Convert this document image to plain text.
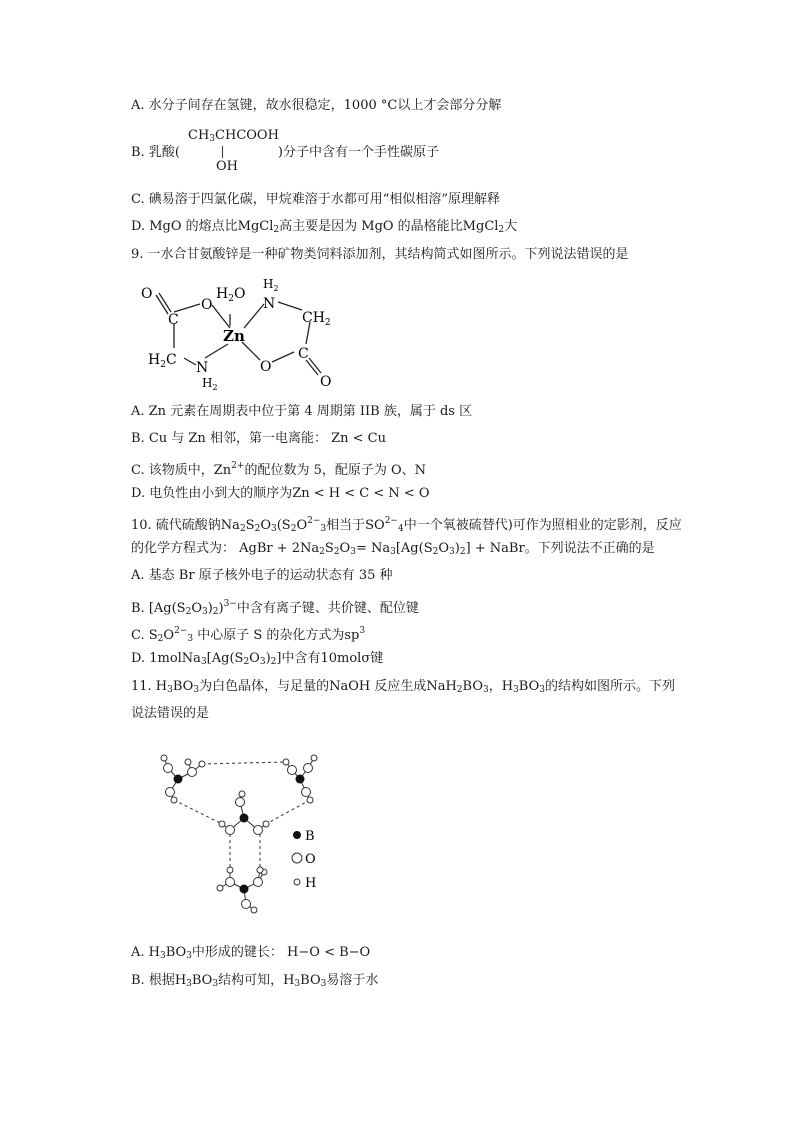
A. 水分子间存在氢键，故水很稳定，1000 °C以上才会部分分解
B. 乳酸(	)分子中含有一个手性碳原子
$CH_3CHCOOH$
OH
C. 碘易溶于四氯化碳，甲烷难溶于水都可用“相似相溶”原理解释
D. MgO 的熔点比MgCl$_2$高主要是因为 MgO 的晶格能比MgCl$_2$大
9. 一水合甘氨酸锌是一种矿物类饲料添加剂，其结构简式如图所示。下列说法错误的是
O
O
C
$H_2C$ N
$H_2$
$H_2O$
Zn
$H_2$
N
$CH_2$
O
C
O
A. Zn 元素在周期表中位于第 4 周期第 IIB 族，属于 ds 区
B. Cu 与 Zn 相邻，第一电离能： Zn < Cu
C. 该物质中，$Zn^{2+}$的配位数为 5，配原子为 O、N
D. 电负性由小到大的顺序为Zn < H < C < N < O
10. 硫代硫酸钠$Na_2S_2O_3(S_2O^{2-}_3$相当于$SO^{2-}_4$中一个氧被硫替代)可作为照相业的定影剂，反应
的化学方程式为： AgBr + $2Na_2S_2O_3= Na_3[Ag(S_2O_3)_2]$ + NaBr。下列说法不正确的是
A. 基态 Br 原子核外电子的运动状态有 35 种
B. $[Ag(S_2O_3)_2)^{3-}$中含有离子键、共价键、配位键
C. $S_2O^{2-}_3$ 中心原子 S 的杂化方式为$sp^3$
D. $1molNa_3[Ag(S_2O_3)_2]$中含有10molσ键
11. $H_3BO_3$为白色晶体，与足量的NaOH 反应生成$NaH_2BO_3$，$H_3BO_3$的结构如图所示。下列
说法错误的是
B
O
H
A. $H_3BO_3$中形成的键长： H−O < B−O
B. 根据$H_3BO_3$结构可知，$H_3BO_3$易溶于水
